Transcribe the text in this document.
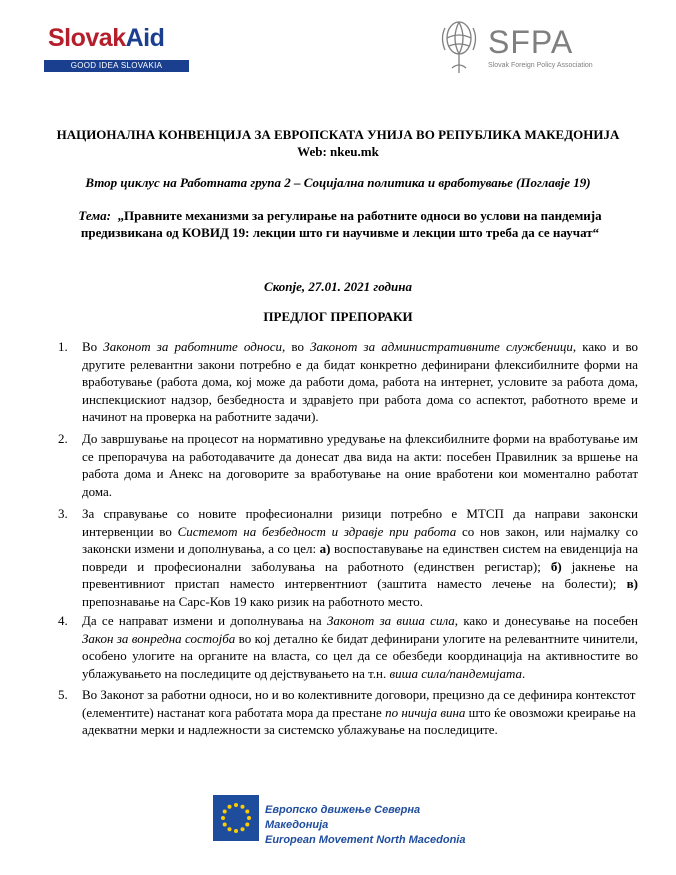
SlovakAid
GOOD IDEA SLOVAKIA
SFPA
Slovak Foreign Policy Association
НАЦИОНАЛНА КОНВЕНЦИЈА ЗА ЕВРОПСКАТА УНИЈА ВО РЕПУБЛИКА МАКЕДОНИЈА
Web: nkeu.mk
Втор циклус на Работната група 2 – Социјална политика и вработување (Поглавје 19)
Тема: „Правните механизми за регулирање на работните односи во услови на пандемија предизвикана од КОВИД 19: лекции што ги научивме и лекции што треба да се научат“
Скопје, 27.01. 2021 година
ПРЕДЛОГ ПРЕПОРАКИ
1. Во Законот за работните односи, во Законот за административните службеници, како и во другите релевантни закони потребно е да бидат конкретно дефинирани флексибилните форми на вработување (работа дома, кој може да работи дома, работа на интернет, условите за работа дома, инспекцискиот надзор, безбедноста и здравјето при работа дома со аспектот, работното време и начинот на проверка на работните задачи).
2. До завршување на процесот на нормативно уредување на флексибилните форми на вработување им се препорачува на работодавачите да донесат два вида на акти: посебен Правилник за вршење на работа дома и Анекс на договорите за вработување на оние вработени кои моментално работат дома.
3. За справување со новите професионални ризици потребно е МТСП да направи законски интервенции во Системот на безбедност и здравје при работа со нов закон, или најмалку со законски измени и дополнувања, а со цел: а) воспоставување на единствен систем на евиденција на повреди и професионални заболувања на работното (единствен регистар); б) јакнење на превентивниот пристап наместо интервентниот (заштита наместо лечење на болести); в) препознавање на Сарс-Ков 19 како ризик на работното место.
4. Да се направат измени и дополнувања на Законот за виша сила, како и донесување на посебен Закон за вонредна состојба во кој детално ќе бидат дефинирани улогите на релевантните чинители, особено улогите на органите на власта, со цел да се обезбеди координација на активностите во ублажувањето на последиците од дејствувањето на т.н. виша сила/пандемијата.
5. Во Законот за работни односи, но и во колективните договори, прецизно да се дефинира контекстот (елементите) настанат кога работата мора да престане по ничија вина што ќе овозможи креирање на адекватни мерки и надлежности за системско ублажување на последиците.
Европско движење Северна Македонија
European Movement North Macedonia
